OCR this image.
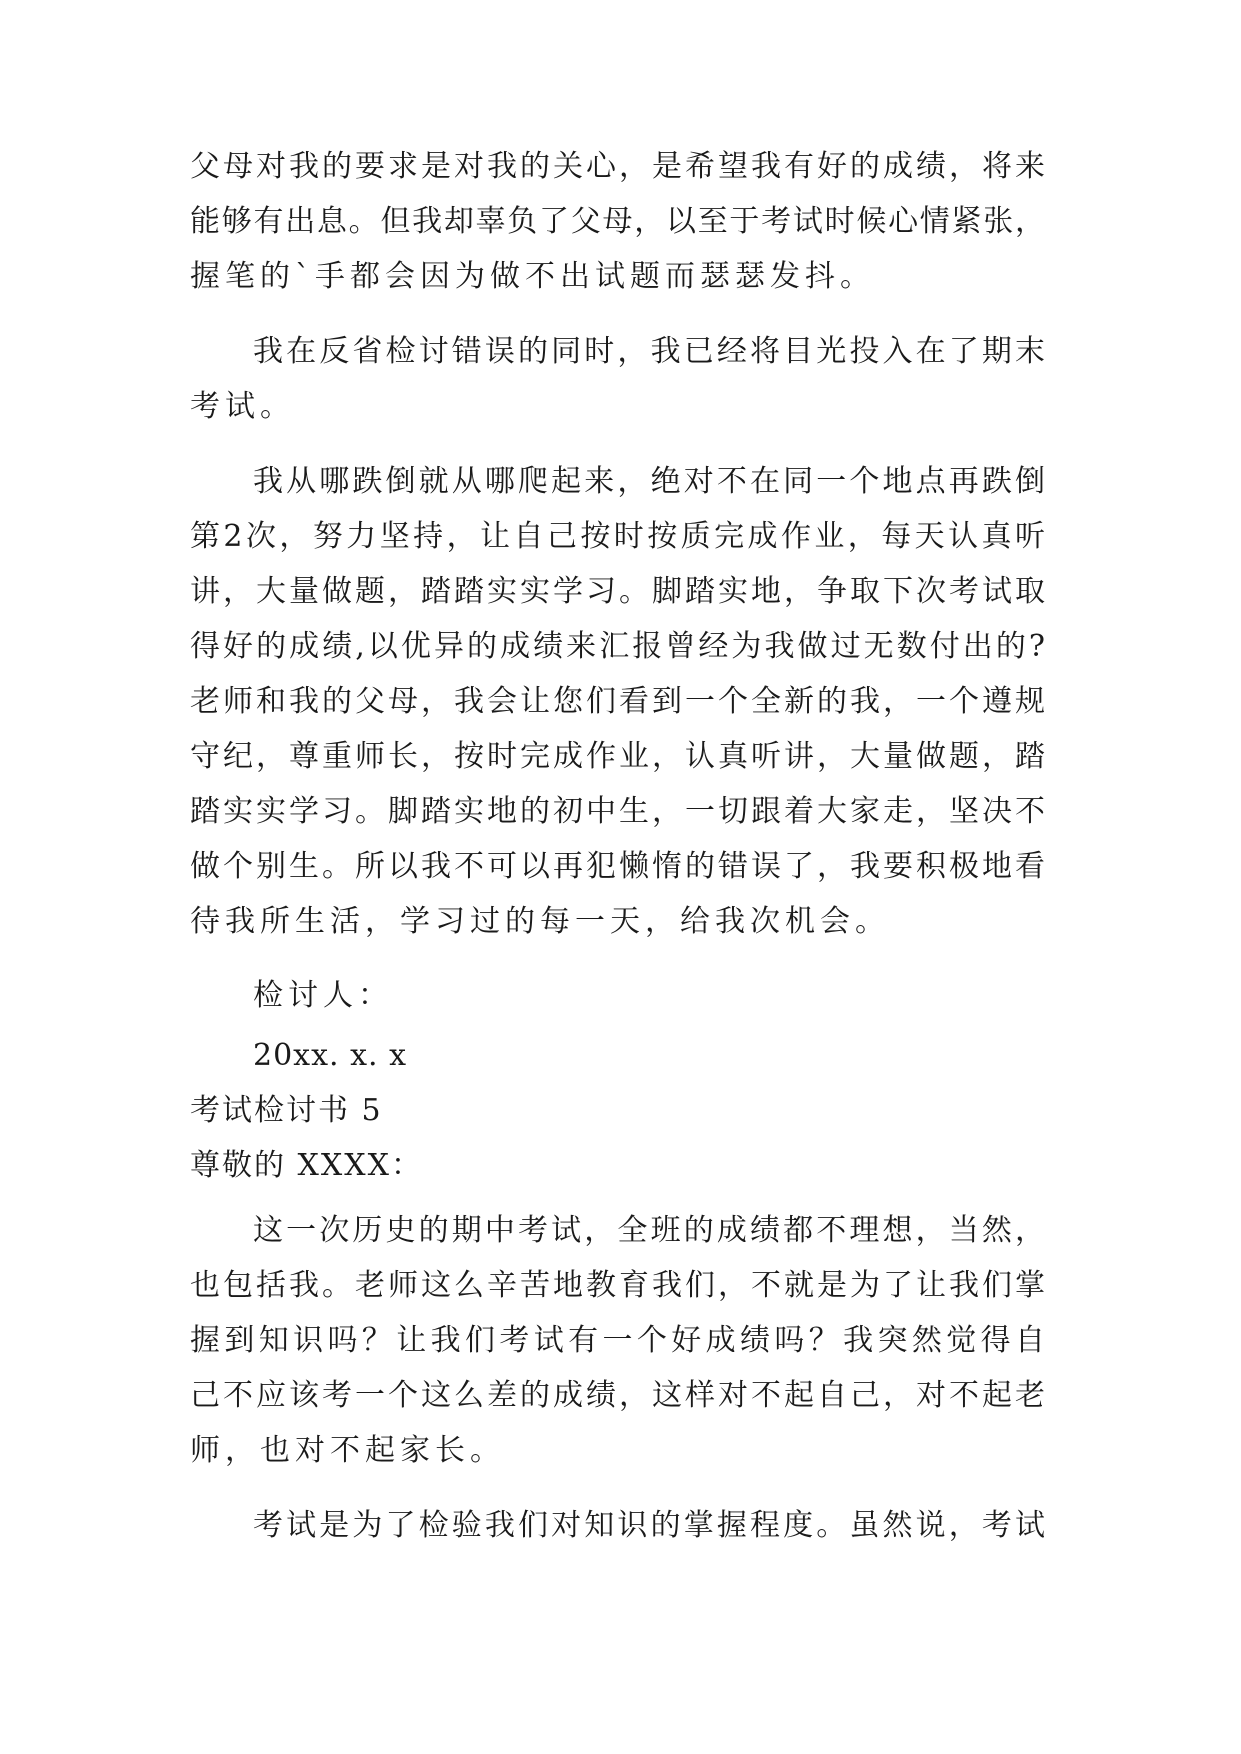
父母对我的要求是对我的关心，是希望我有好的成绩，将来
能够有出息。但我却辜负了父母，以至于考试时候心情紧张，
握笔的`手都会因为做不出试题而瑟瑟发抖。
我在反省检讨错误的同时，我已经将目光投入在了期末
考试。
我从哪跌倒就从哪爬起来，绝对不在同一个地点再跌倒
第2次，努力坚持，让自己按时按质完成作业，每天认真听
讲，大量做题，踏踏实实学习。脚踏实地，争取下次考试取
得好的成绩,以优异的成绩来汇报曾经为我做过无数付出的?
老师和我的父母，我会让您们看到一个全新的我，一个遵规
守纪，尊重师长，按时完成作业，认真听讲，大量做题，踏
踏实实学习。脚踏实地的初中生，一切跟着大家走，坚决不
做个别生。所以我不可以再犯懒惰的错误了，我要积极地看
待我所生活，学习过的每一天，给我次机会。
检讨人：
20xx. x. x
考试检讨书 5
尊敬的 XXXX：
这一次历史的期中考试，全班的成绩都不理想，当然，
也包括我。老师这么辛苦地教育我们，不就是为了让我们掌
握到知识吗？让我们考试有一个好成绩吗？我突然觉得自
己不应该考一个这么差的成绩，这样对不起自己，对不起老
师，也对不起家长。
考试是为了检验我们对知识的掌握程度。虽然说，考试
